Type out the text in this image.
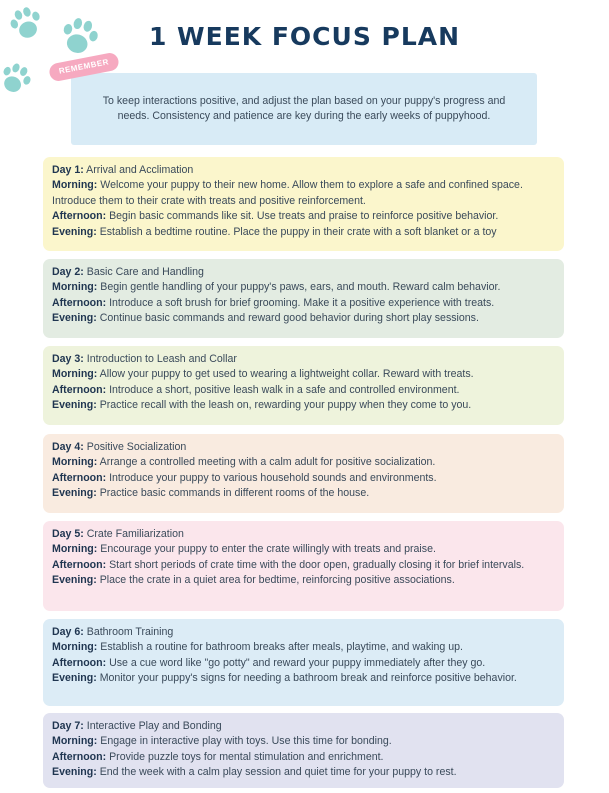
1 WEEK FOCUS PLAN
To keep interactions positive, and adjust the plan based on your puppy's progress and needs. Consistency and patience are key during the early weeks of puppyhood.
REMEMBER
Day 1: Arrival and Acclimation
Morning: Welcome your puppy to their new home. Allow them to explore a safe and confined space. Introduce them to their crate with treats and positive reinforcement.
Afternoon: Begin basic commands like sit. Use treats and praise to reinforce positive behavior.
Evening: Establish a bedtime routine. Place the puppy in their crate with a soft blanket or a toy
Day 2: Basic Care and Handling
Morning: Begin gentle handling of your puppy's paws, ears, and mouth. Reward calm behavior.
Afternoon: Introduce a soft brush for brief grooming. Make it a positive experience with treats.
Evening: Continue basic commands and reward good behavior during short play sessions.
Day 3: Introduction to Leash and Collar
Morning: Allow your puppy to get used to wearing a lightweight collar. Reward with treats.
Afternoon: Introduce a short, positive leash walk in a safe and controlled environment.
Evening: Practice recall with the leash on, rewarding your puppy when they come to you.
Day 4: Positive Socialization
Morning: Arrange a controlled meeting with a calm adult for positive socialization.
Afternoon: Introduce your puppy to various household sounds and environments.
Evening: Practice basic commands in different rooms of the house.
Day 5: Crate Familiarization
Morning: Encourage your puppy to enter the crate willingly with treats and praise.
Afternoon: Start short periods of crate time with the door open, gradually closing it for brief intervals.
Evening: Place the crate in a quiet area for bedtime, reinforcing positive associations.
Day 6: Bathroom Training
Morning: Establish a routine for bathroom breaks after meals, playtime, and waking up.
Afternoon: Use a cue word like "go potty" and reward your puppy immediately after they go.
Evening: Monitor your puppy's signs for needing a bathroom break and reinforce positive behavior.
Day 7: Interactive Play and Bonding
Morning: Engage in interactive play with toys. Use this time for bonding.
Afternoon: Provide puzzle toys for mental stimulation and enrichment.
Evening: End the week with a calm play session and quiet time for your puppy to rest.
